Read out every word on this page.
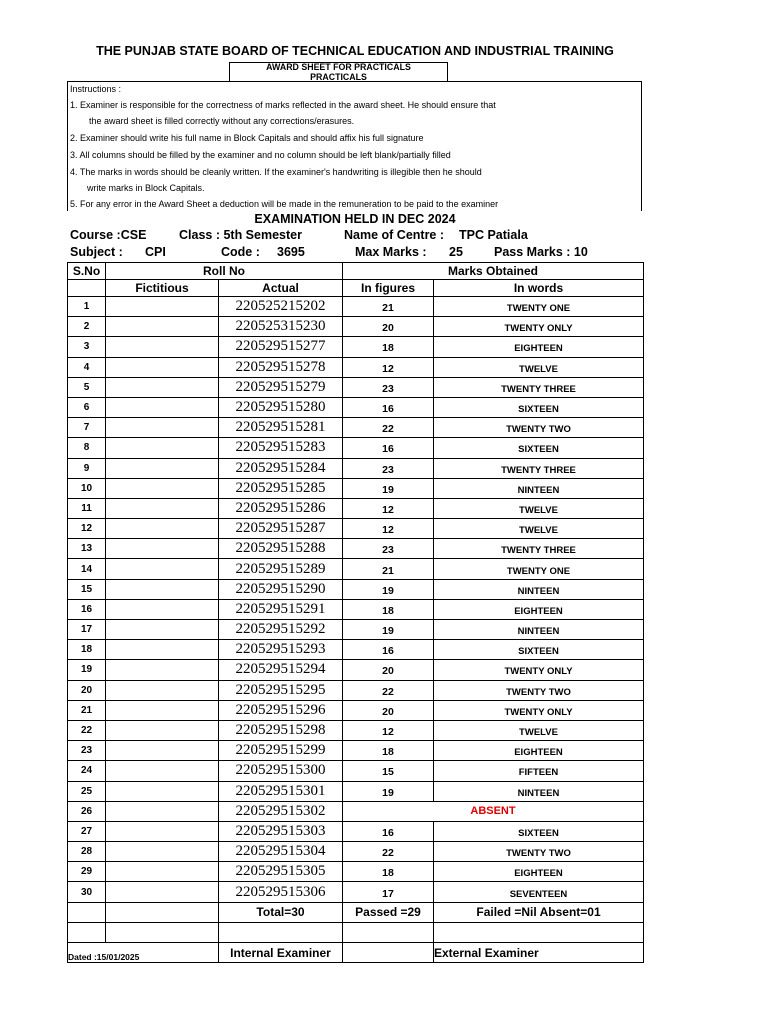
THE PUNJAB STATE BOARD OF TECHNICAL EDUCATION AND INDUSTRIAL TRAINING
AWARD SHEET FOR PRACTICALS
PRACTICALS
Instructions :
1. Examiner is responsible for the correctness of marks reflected in the award sheet. He should ensure that
the award sheet is filled correctly without any corrections/erasures.
2. Examiner should write his full name in Block Capitals and should affix his full signature
3. All columns should be filled by the examiner and no column should be left blank/partially filled
4. The marks in words should be cleanly written. If the examiner's handwriting is illegible then he should
write marks in Block Capitals.
5. For any error in the Award Sheet a deduction will be made in the remuneration to be paid to the examiner
EXAMINATION HELD IN DEC 2024
Course :CSE	Class : 5th Semester	Name of Centre : TPC Patiala
Subject : CPI	Code : 3695	Max Marks : 25 Pass Marks : 10
S.No	Roll No		Marks Obtained	
	Fictitious	Actual	In figures	In words
1		220525215202	21	TWENTY ONE
2		220525315230	20	TWENTY ONLY
3		220529515277	18	EIGHTEEN
4		220529515278	12	TWELVE
5		220529515279	23	TWENTY THREE
6		220529515280	16	SIXTEEN
7		220529515281	22	TWENTY TWO
8		220529515283	16	SIXTEEN
9		220529515284	23	TWENTY THREE
10		220529515285	19	NINTEEN
11		220529515286	12	TWELVE
12		220529515287	12	TWELVE
13		220529515288	23	TWENTY THREE
14		220529515289	21	TWENTY ONE
15		220529515290	19	NINTEEN
16		220529515291	18	EIGHTEEN
17		220529515292	19	NINTEEN
18		220529515293	16	SIXTEEN
19		220529515294	20	TWENTY ONLY
20		220529515295	22	TWENTY TWO
21		220529515296	20	TWENTY ONLY
22		220529515298	12	TWELVE
23		220529515299	18	EIGHTEEN
24		220529515300	15	FIFTEEN
25		220529515301	19	NINTEEN
26		220529515302	ABSENT	
27		220529515303	16	SIXTEEN
28		220529515304	22	TWENTY TWO
29		220529515305	18	EIGHTEEN
30		220529515306	17	SEVENTEEN
		Total=30	Passed =29	Failed =Nil Absent=01

Dated :15/01/2025		Internal Examiner		External Examiner
